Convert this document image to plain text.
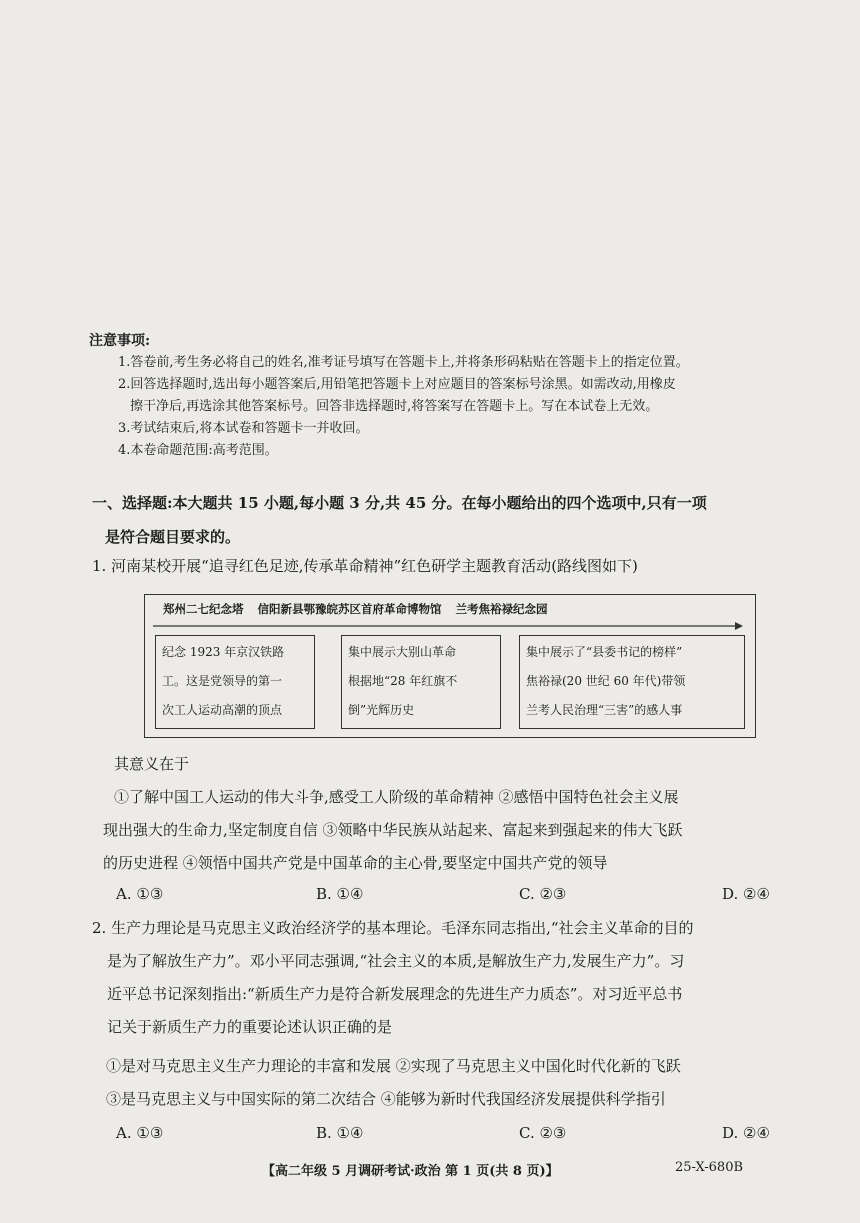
注意事项:
1.答卷前,考生务必将自己的姓名,准考证号填写在答题卡上,并将条形码粘贴在答题卡上的指定位置。
2.回答选择题时,选出每小题答案后,用铅笔把答题卡上对应题目的答案标号涂黑。如需改动,用橡皮
擦干净后,再选涂其他答案标号。回答非选择题时,将答案写在答题卡上。写在本试卷上无效。
3.考试结束后,将本试卷和答题卡一并收回。
4.本卷命题范围:高考范围。
一、选择题:本大题共 15 小题,每小题 3 分,共 45 分。在每小题给出的四个选项中,只有一项
是符合题目要求的。
1. 河南某校开展“追寻红色足迹,传承革命精神”红色研学主题教育活动(路线图如下)
郑州二七纪念塔 信阳新县鄂豫皖苏区首府革命博物馆 兰考焦裕禄纪念园
纪念 1923 年京汉铁路
工。这是党领导的第一
次工人运动高潮的顶点
集中展示大别山革命
根据地“28 年红旗不
倒”光辉历史
集中展示了“县委书记的榜样”
焦裕禄(20 世纪 60 年代)带领
兰考人民治理“三害”的感人事
其意义在于
①了解中国工人运动的伟大斗争,感受工人阶级的革命精神 ②感悟中国特色社会主义展
现出强大的生命力,坚定制度自信 ③领略中华民族从站起来、富起来到强起来的伟大飞跃
的历史进程 ④领悟中国共产党是中国革命的主心骨,要坚定中国共产党的领导
A. ①③	B. ①④	C. ②③	D. ②④
2. 生产力理论是马克思主义政治经济学的基本理论。毛泽东同志指出,“社会主义革命的目的
是为了解放生产力”。邓小平同志强调,“社会主义的本质,是解放生产力,发展生产力”。习
近平总书记深刻指出:“新质生产力是符合新发展理念的先进生产力质态”。对习近平总书
记关于新质生产力的重要论述认识正确的是
①是对马克思主义生产力理论的丰富和发展 ②实现了马克思主义中国化时代化新的飞跃
③是马克思主义与中国实际的第二次结合 ④能够为新时代我国经济发展提供科学指引
A. ①③	B. ①④	C. ②③	D. ②④
【高二年级 5 月调研考试·政治 第 1 页(共 8 页)】	25-X-680B
